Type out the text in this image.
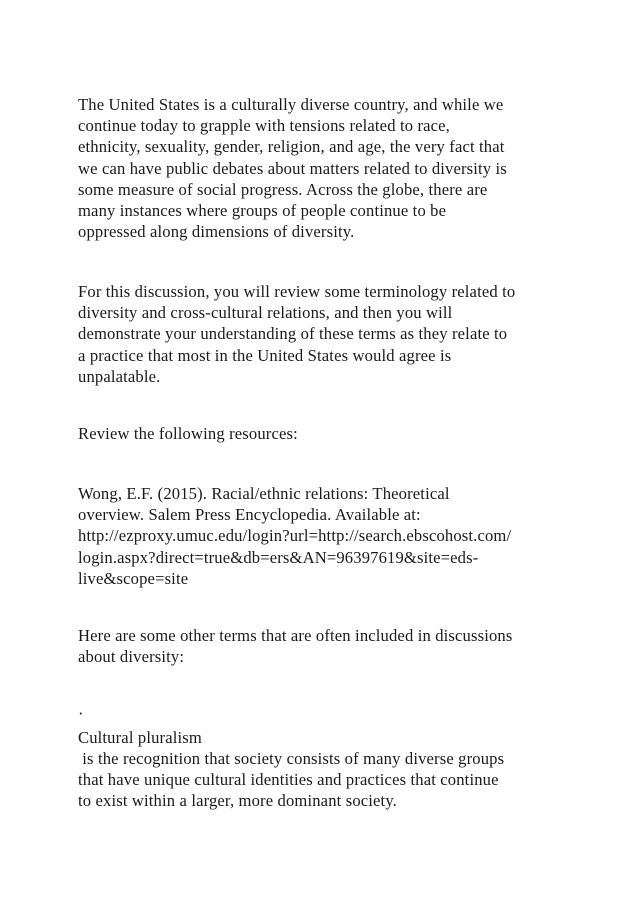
The United States is a culturally diverse country, and while we
continue today to grapple with tensions related to race,
ethnicity, sexuality, gender, religion, and age, the very fact that
we can have public debates about matters related to diversity is
some measure of social progress. Across the globe, there are
many instances where groups of people continue to be
oppressed along dimensions of diversity.

For this discussion, you will review some terminology related to
diversity and cross-cultural relations, and then you will
demonstrate your understanding of these terms as they relate to
a practice that most in the United States would agree is
unpalatable.

Review the following resources:

Wong, E.F. (2015). Racial/ethnic relations: Theoretical
overview. Salem Press Encyclopedia. Available at:
http://ezproxy.umuc.edu/login?url=http://search.ebscohost.com/
login.aspx?direct=true&db=ers&AN=96397619&site=eds-
live&scope=site

Here are some other terms that are often included in discussions
about diversity:

·

Cultural pluralism

is the recognition that society consists of many diverse groups
that have unique cultural identities and practices that continue
to exist within a larger, more dominant society.
